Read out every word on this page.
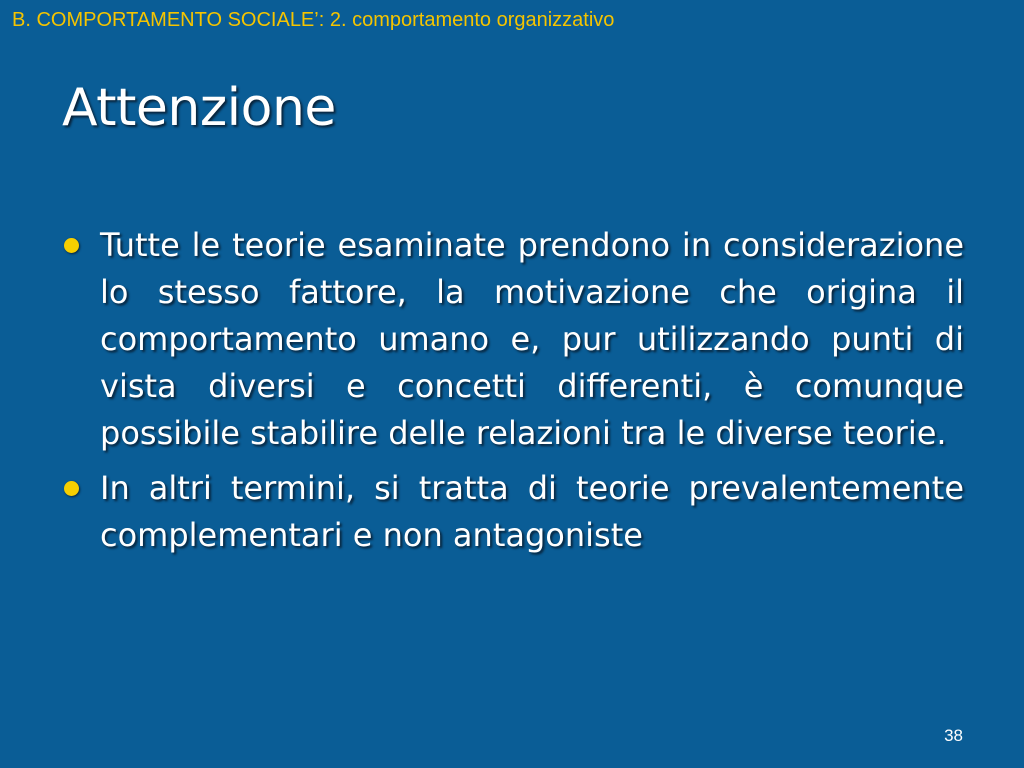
B. COMPORTAMENTO SOCIALE’: 2. comportamento organizzativo
Attenzione
Tutte le teorie esaminate prendono in considerazione lo stesso fattore, la motivazione che origina il comportamento umano e, pur utilizzando punti di vista diversi e concetti differenti, è comunque possibile stabilire delle relazioni tra le diverse teorie.
In altri termini, si tratta di teorie prevalentemente complementari e non antagoniste
38
